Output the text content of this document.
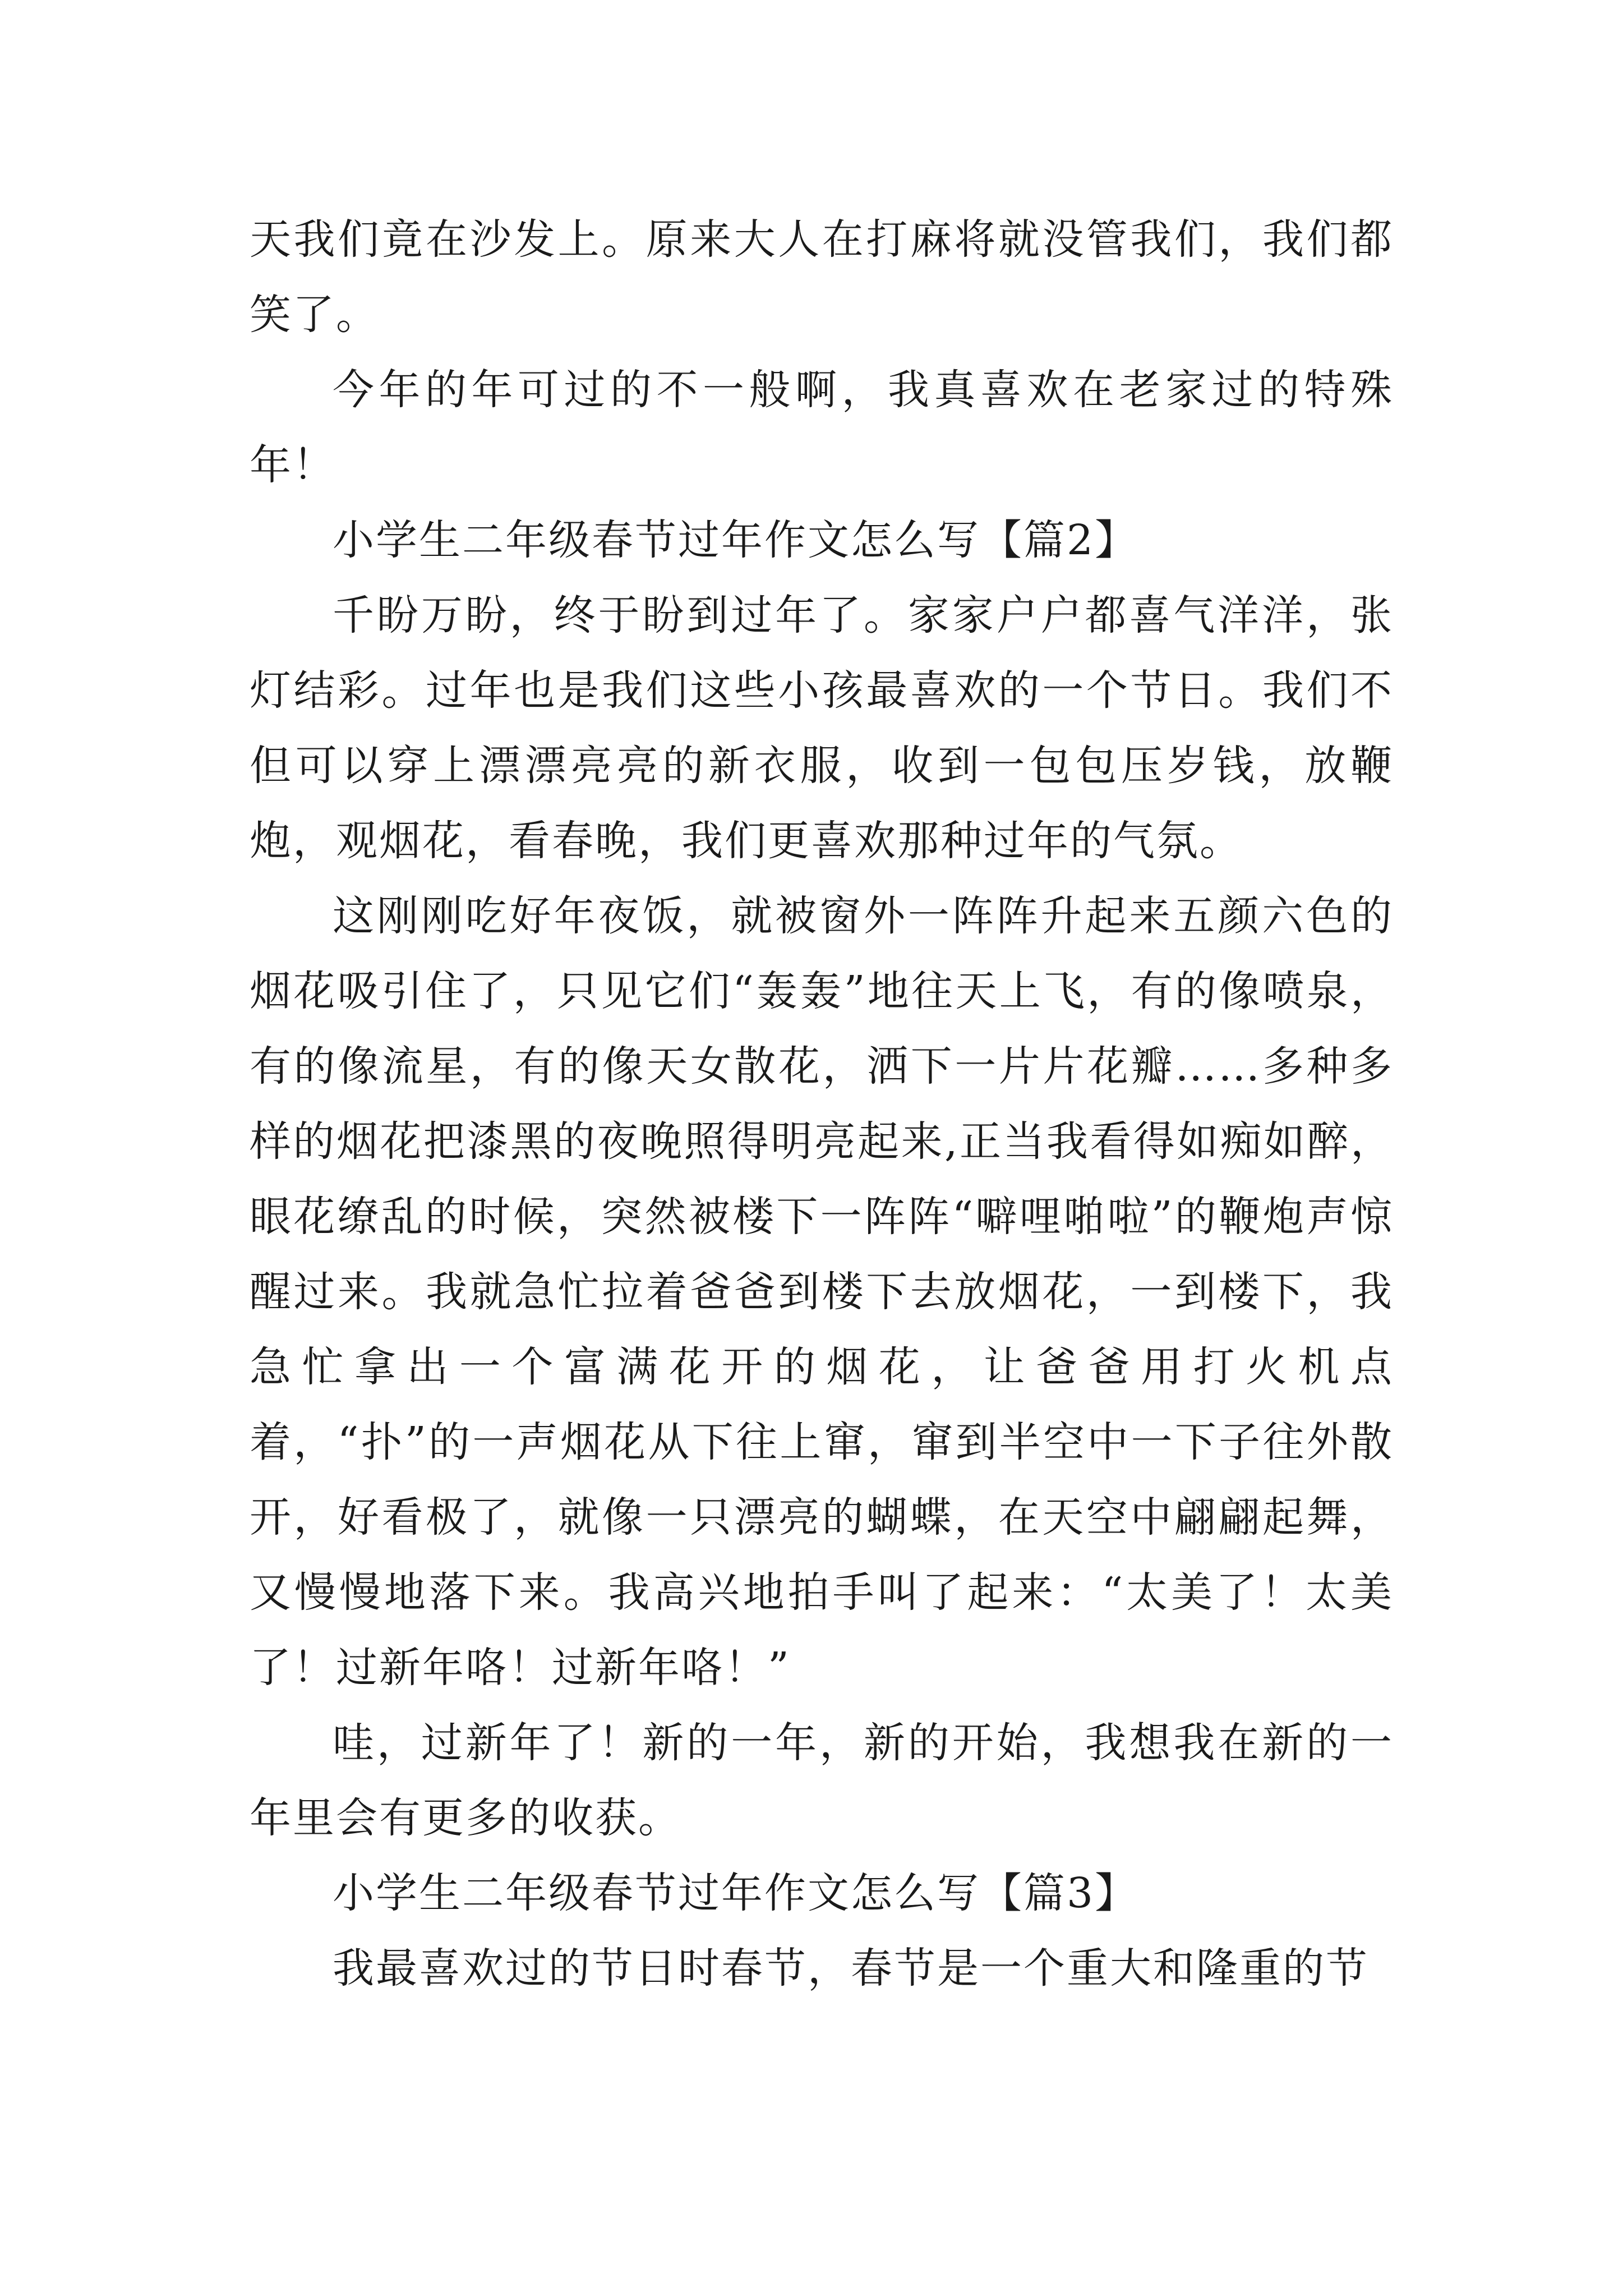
天我们竟在沙发上。原来大人在打麻将就没管我们，我们都笑了。

今年的年可过的不一般啊，我真喜欢在老家过的特殊年！

小学生二年级春节过年作文怎么写【篇2】

千盼万盼，终于盼到过年了。家家户户都喜气洋洋，张灯结彩。过年也是我们这些小孩最喜欢的一个节日。我们不但可以穿上漂漂亮亮的新衣服，收到一包包压岁钱，放鞭炮，观烟花，看春晚，我们更喜欢那种过年的气氛。

这刚刚吃好年夜饭，就被窗外一阵阵升起来五颜六色的烟花吸引住了，只见它们“轰轰”地往天上飞，有的像喷泉，有的像流星，有的像天女散花，洒下一片片花瓣……多种多样的烟花把漆黑的夜晚照得明亮起来,正当我看得如痴如醉，眼花缭乱的时候，突然被楼下一阵阵“噼哩啪啦”的鞭炮声惊醒过来。我就急忙拉着爸爸到楼下去放烟花，一到楼下，我急忙拿出一个富满花开的烟花，让爸爸用打火机点着，“扑”的一声烟花从下往上窜，窜到半空中一下子往外散开，好看极了，就像一只漂亮的蝴蝶，在天空中翩翩起舞，又慢慢地落下来。我高兴地拍手叫了起来：“太美了！太美了！过新年咯！过新年咯！”

哇，过新年了！新的一年，新的开始，我想我在新的一年里会有更多的收获。

小学生二年级春节过年作文怎么写【篇3】

我最喜欢过的节日时春节，春节是一个重大和隆重的节
